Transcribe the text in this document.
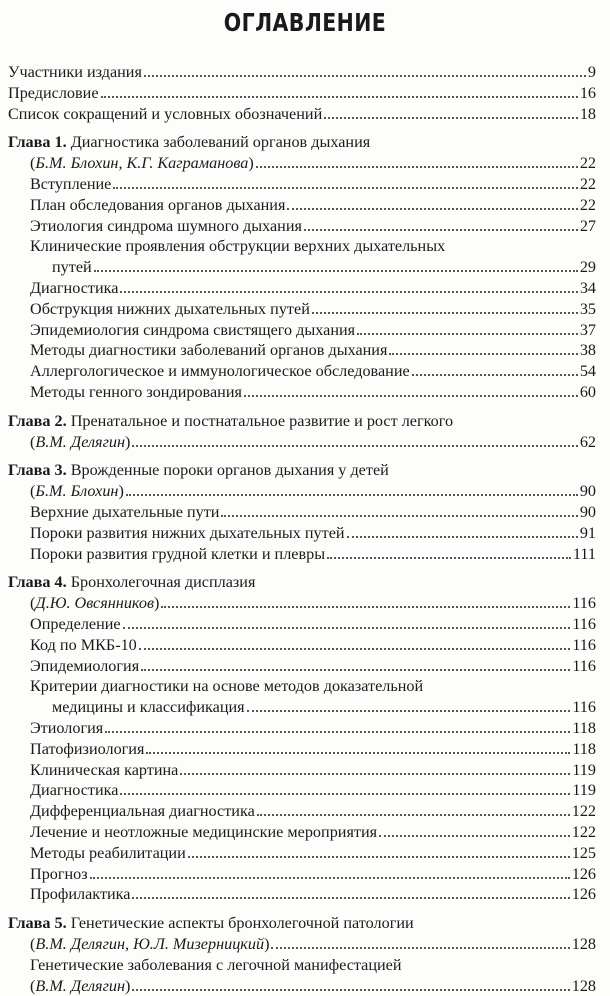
ОГЛАВЛЕНИЕ
Участники издания	9
Предисловие	16
Список сокращений и условных обозначений	18
Глава 1. Диагностика заболеваний органов дыхания
(Б.М. Блохин, К.Г. Каграманова)	22
Вступление	22
План обследования органов дыхания	22
Этиология синдрома шумного дыхания	27
Клинические проявления обструкции верхних дыхательных
путей	29
Диагностика	34
Обструкция нижних дыхательных путей	35
Эпидемиология синдрома свистящего дыхания	37
Методы диагностики заболеваний органов дыхания	38
Аллергологическое и иммунологическое обследование	54
Методы генного зондирования	60
Глава 2. Пренатальное и постнатальное развитие и рост легкого
(В.М. Делягин)	62
Глава 3. Врожденные пороки органов дыхания у детей
(Б.М. Блохин)	90
Верхние дыхательные пути	90
Пороки развития нижних дыхательных путей	91
Пороки развития грудной клетки и плевры	111
Глава 4. Бронхолегочная дисплазия
(Д.Ю. Овсянников)	116
Определение	116
Код по МКБ-10	116
Эпидемиология	116
Критерии диагностики на основе методов доказательной
медицины и классификация	116
Этиология	118
Патофизиология	118
Клиническая картина	119
Диагностика	119
Дифференциальная диагностика	122
Лечение и неотложные медицинские мероприятия	122
Методы реабилитации	125
Прогноз	126
Профилактика	126
Глава 5. Генетические аспекты бронхолегочной патологии
(В.М. Делягин, Ю.Л. Мизерницкий)	128
Генетические заболевания с легочной манифестацией
(В.М. Делягин)	128
